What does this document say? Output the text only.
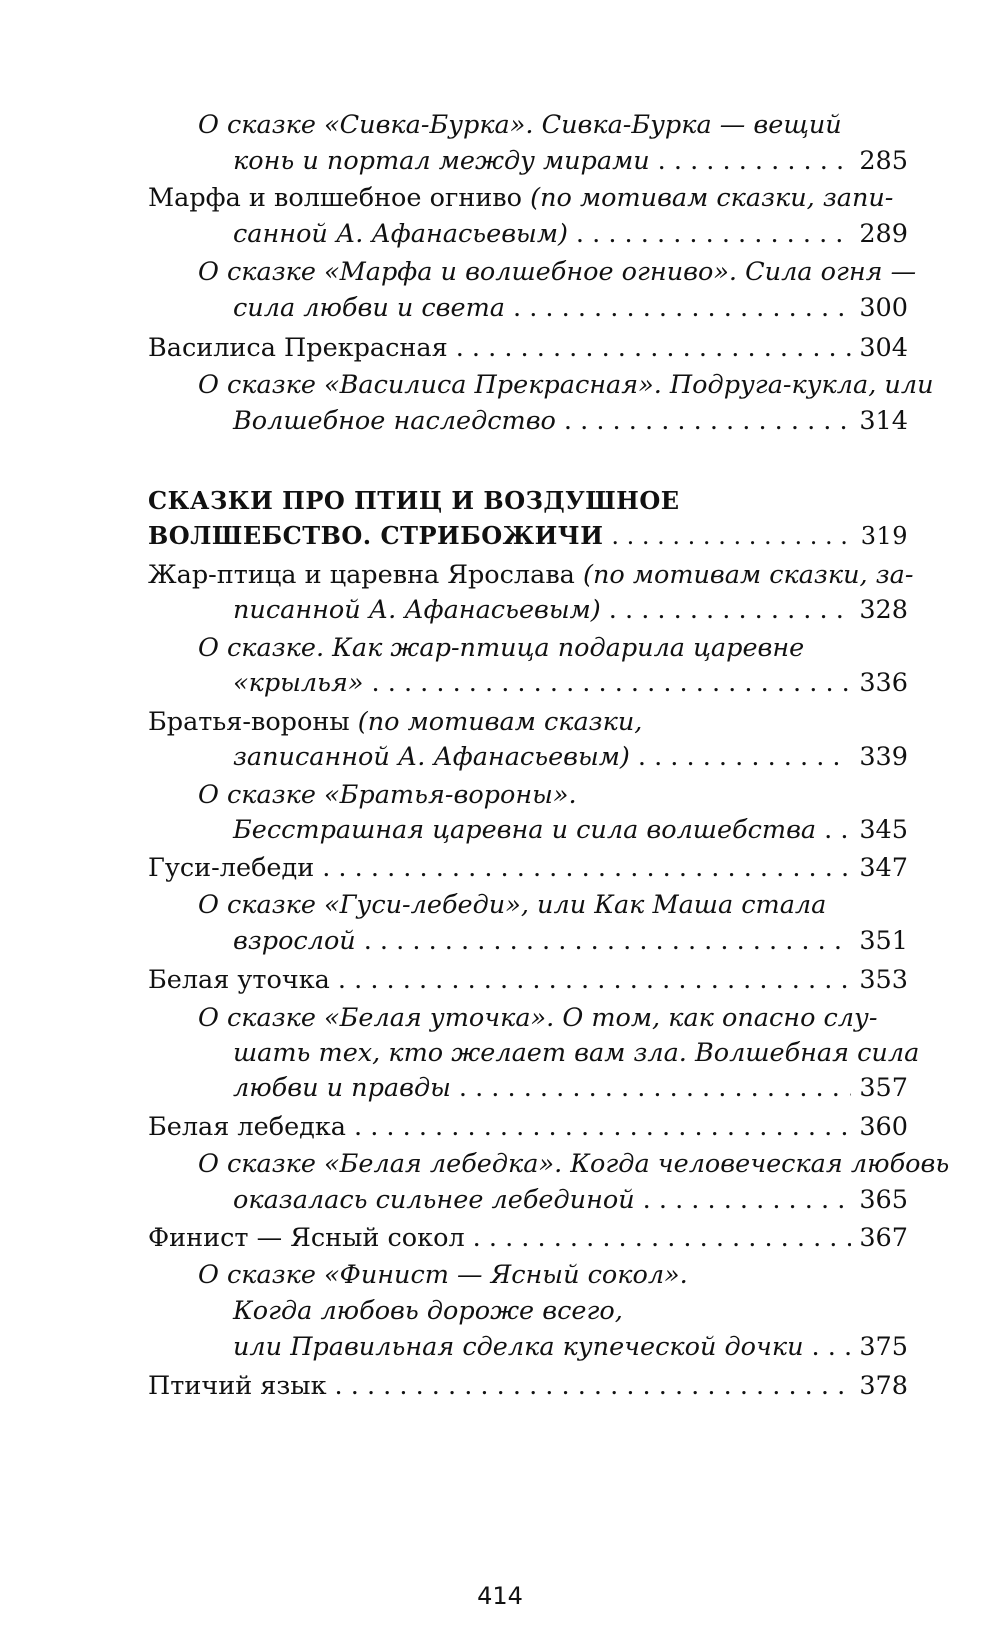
О сказке «Сивка-Бурка». Сивка-Бурка — вещий
конь и портал между мирами . . .	285
Марфа и волшебное огниво (по мотивам сказки, запи-
санной А. Афанасьевым) . . .	289
О сказке «Марфа и волшебное огниво». Сила огня —
сила любви и света . . .	300
Василиса Прекрасная . . .	304
О сказке «Василиса Прекрасная». Подруга-кукла, или
Волшебное наследство . . .	314
СКАЗКИ ПРО ПТИЦ И ВОЗДУШНОЕ
ВОЛШЕБСТВО. СТРИБОЖИЧИ . . .	319
Жар-птица и царевна Ярослава (по мотивам сказки, за-
писанной А. Афанасьевым) . . .	328
О сказке. Как жар-птица подарила царевне
«крылья» . . .	336
Братья-вороны (по мотивам сказки,
записанной А. Афанасьевым) . . .	339
О сказке «Братья-вороны».
Бесстрашная царевна и сила волшебства . . . 345
Гуси-лебеди . . .	347
О сказке «Гуси-лебеди», или Как Маша стала
взрослой . . .	351
Белая уточка . . .	353
О сказке «Белая уточка». О том, как опасно слу-
шать тех, кто желает вам зла. Волшебная сила
любви и правды . . .	357
Белая лебедка . . .	360
О сказке «Белая лебедка». Когда человеческая любовь
оказалась сильнее лебединой . . .	365
Финист — Ясный сокол . . .	367
О сказке «Финист — Ясный сокол».
Когда любовь дороже всего,
или Правильная сделка купеческой дочки . . . 375
Птичий язык . . .	378
414
